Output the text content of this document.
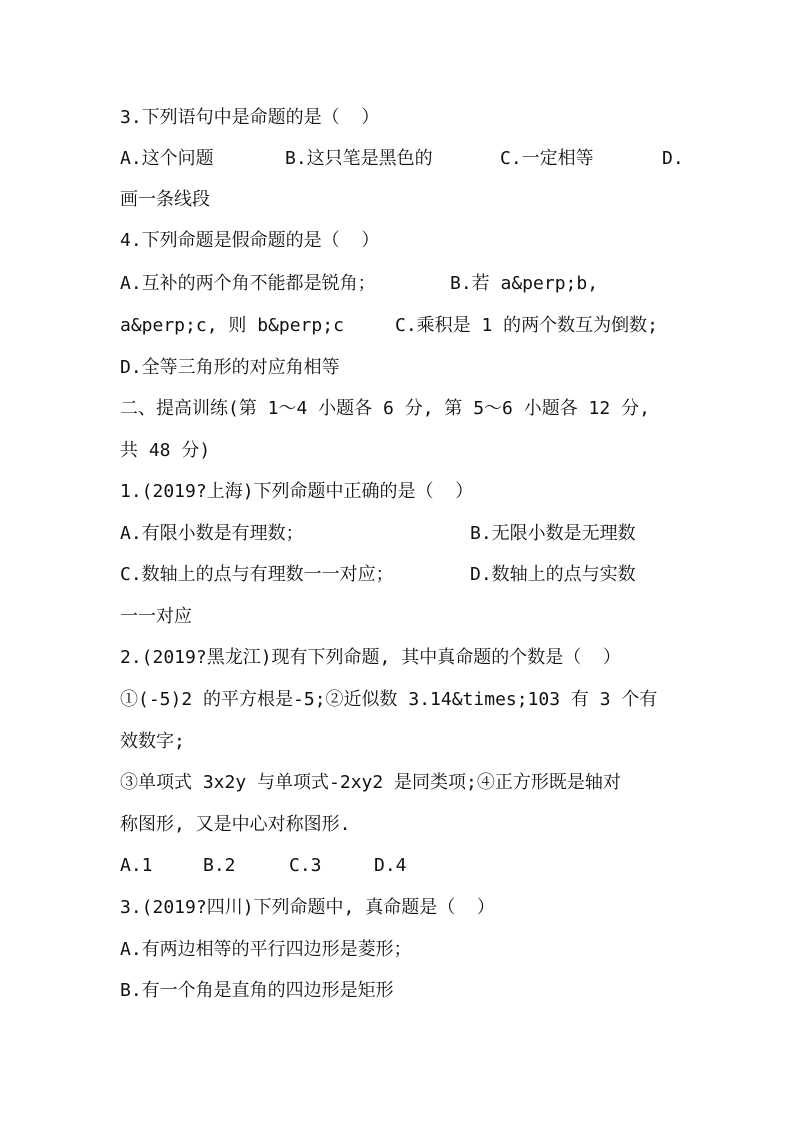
3.下列语句中是命题的是（  ）
A.这个问题	B.这只笔是黑色的	C.一定相等	D.
画一条线段
4.下列命题是假命题的是（  ）
A.互补的两个角不能都是锐角；	B.若 a&perp;b,
a&perp;c, 则 b&perp;c	C.乘积是 1 的两个数互为倒数;
D.全等三角形的对应角相等
二、提高训练(第 1～4 小题各 6 分, 第 5～6 小题各 12 分,
共 48 分)
1.(2019?上海)下列命题中正确的是（  ）
A.有限小数是有理数；	B.无限小数是无理数
C.数轴上的点与有理数一一对应；	D.数轴上的点与实数
一一对应
2.(2019?黑龙江)现有下列命题, 其中真命题的个数是（  ）
①(-5)2 的平方根是-5;②近似数 3.14&times;103 有 3 个有
效数字;
③单项式 3x2y 与单项式-2xy2 是同类项;④正方形既是轴对
称图形, 又是中心对称图形.
A.1	B.2	C.3	D.4
3.(2019?四川)下列命题中, 真命题是（  ）
A.有两边相等的平行四边形是菱形；
B.有一个角是直角的四边形是矩形
